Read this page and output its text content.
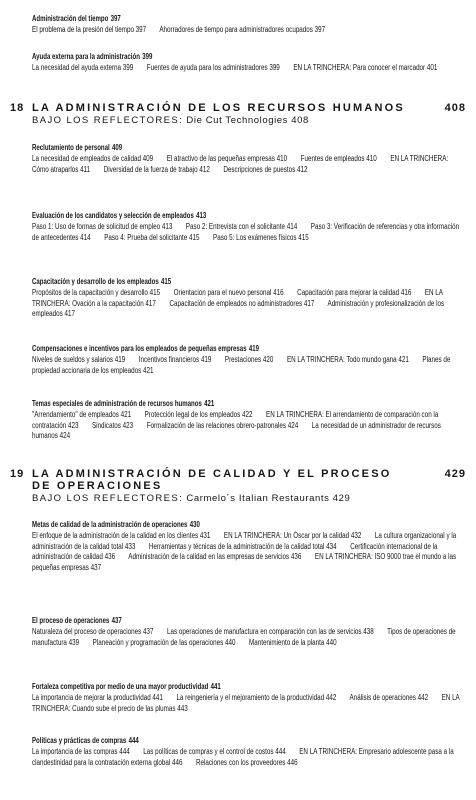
Administración del tiempo 397
El problema de la presión del tiempo 397 Ahorradores de tiempo para administradores ocupados 397
Ayuda externa para la administración 399
La necesidad del ayuda externa 399 Fuentes de ayuda para los administradores 399 EN LA TRINCHERA: Para conocer el marcador 401
18	408
LA ADMINISTRACIÓN DE LOS RECURSOS HUMANOS
BAJO LOS REFLECTORES: Die Cut Technologies 408
Reclutamiento de personal 409
La necesidad de empleados de calidad 409 El atractivo de las pequeñas empresas 410 Fuentes de empleados 410 EN LA TRINCHERA: Cómo atraparlos 411 Diversidad de la fuerza de trabajo 412 Descripciones de puestos 412
Evaluación de los candidatos y selección de empleados 413
Paso 1: Uso de formas de solicitud de empleo 413 Paso 2: Entrevista con el solicitante 414 Paso 3: Verificación de referencias y otra información de antecedentes 414 Paso 4: Prueba del solicitante 415 Paso 5: Los exámenes físicos 415
Capacitación y desarrollo de los empleados 415
Propósitos de la capacitación y desarrollo 415 Orientacion para el nuevo personal 416 Capacitación para mejorar la calidad 416 EN LA TRINCHERA: Ovación a la capacitación 417 Capacitación de empleados no administradores 417 Administración y profesionalización de los empleados 417
Compensaciones e incentivos para los empleados de pequeñas empresas 419
Niveles de sueldos y salarios 419 Incentivos financieros 419 Prestaciones 420 EN LA TRINCHERA: Todo mundo gana 421 Planes de propiedad accionaria de los empleados 421
Temas especiales de administración de recursos humanos 421
"Arrendamiento" de empleados 421 Protección legal de los empleados 422 EN LA TRINCHERA: El arrendamiento de comparación con la contratación 423 Sindicatos 423 Formalización de las relaciones obrero-patronales 424 La necesidad de un administrador de recursos humanos 424
19	429
LA ADMINISTRACIÓN DE CALIDAD Y EL PROCESO
DE OPERACIONES
BAJO LOS REFLECTORES: Carmelo´s Italian Restaurants 429
Metas de calidad de la administración de operaciones 430
El enfoque de la administración de la calidad en los clientes 431 EN LA TRINCHERA: Un Óscar por la calidad 432 La cultura organizacional y la administración de la calidad total 433 Herramientas y técnicas de la administración de la calidad total 434 Certificación internacional de la administración de calidad 436 Administración de la calidad en las empresas de servicios 436 EN LA TRINCHERA: ISO 9000 trae el mundo a las pequeñas empresas 437
El proceso de operaciones 437
Naturaleza del proceso de operaciones 437 Las operaciones de manufactura en comparación con las de servicios 438 Tipos de operaciones de manufactura 439 Planeación y programación de las operaciones 440 Mantenimiento de la planta 440
Fortaleza competitiva por medio de una mayor productividad 441
La importancia de mejorar la productividad 441 La reingeniería y el mejoramiento de la productividad 442 Análisis de operaciones 442 EN LA TRINCHERA: Cuando sube el precio de las plumas 443
Políticas y prácticas de compras 444
La importancia de las compras 444 Las políticas de compras y el control de costos 444 EN LA TRINCHERA: Empresario adolescente pasa a la clandestinidad para la contratación externa global 446 Relaciones con los proveedores 446
